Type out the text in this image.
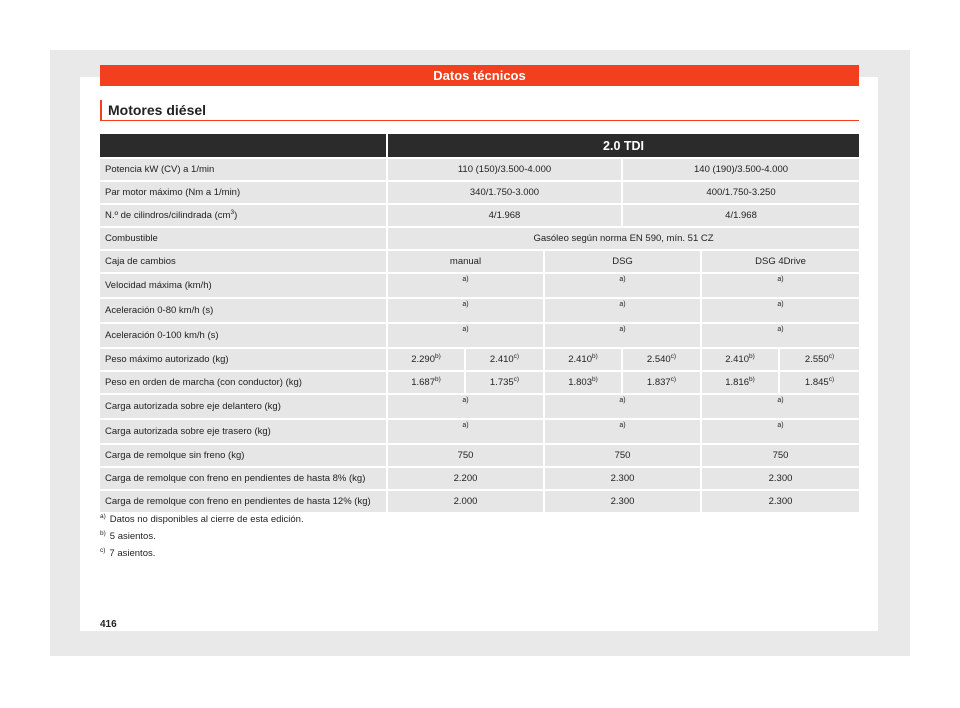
Datos técnicos
Motores diésel
	2.0 TDI					
Potencia kW (CV) a 1/min	110 (150)/3.500-4.000			140 (190)/3.500-4.000		
Par motor máximo (Nm a 1/min)	340/1.750-3.000			400/1.750-3.250		
N.º de cilindros/cilindrada $(cm^3)$	4/1.968			4/1.968		
Combustible	Gasóleo según norma EN 590, mín. 51 CZ					
Caja de cambios	manual		DSG		DSG 4Drive	
Velocidad máxima (km/h)	a)		a)		a)	
Aceleración 0-80 km/h (s)	a)		a)		a)	
Aceleración 0-100 km/h (s)	a)		a)		a)	
Peso máximo autorizado (kg)	2.290$^{b)}$	2.410$^{c)}$	2.410$^{b)}$	2.540$^{c)}$	2.410$^{b)}$	2.550$^{c)}$
Peso en orden de marcha (con conductor) (kg)	1.687$^{b)}$	1.735$^{c)}$	1.803$^{b)}$	1.837$^{c)}$	1.816$^{b)}$	1.845$^{c)}$
Carga autorizada sobre eje delantero (kg)	a)		a)		a)	
Carga autorizada sobre eje trasero (kg)	a)		a)		a)	
Carga de remolque sin freno (kg)	750		750		750	
Carga de remolque con freno en pendientes de hasta 8% (kg)	2.200		2.300		2.300	
Carga de remolque con freno en pendientes de hasta 12% (kg)	2.000		2.300		2.300	
$^{a)}$ Datos no disponibles al cierre de esta edición.
$^{b)}$ 5 asientos.
$^{c)}$ 7 asientos.
416
